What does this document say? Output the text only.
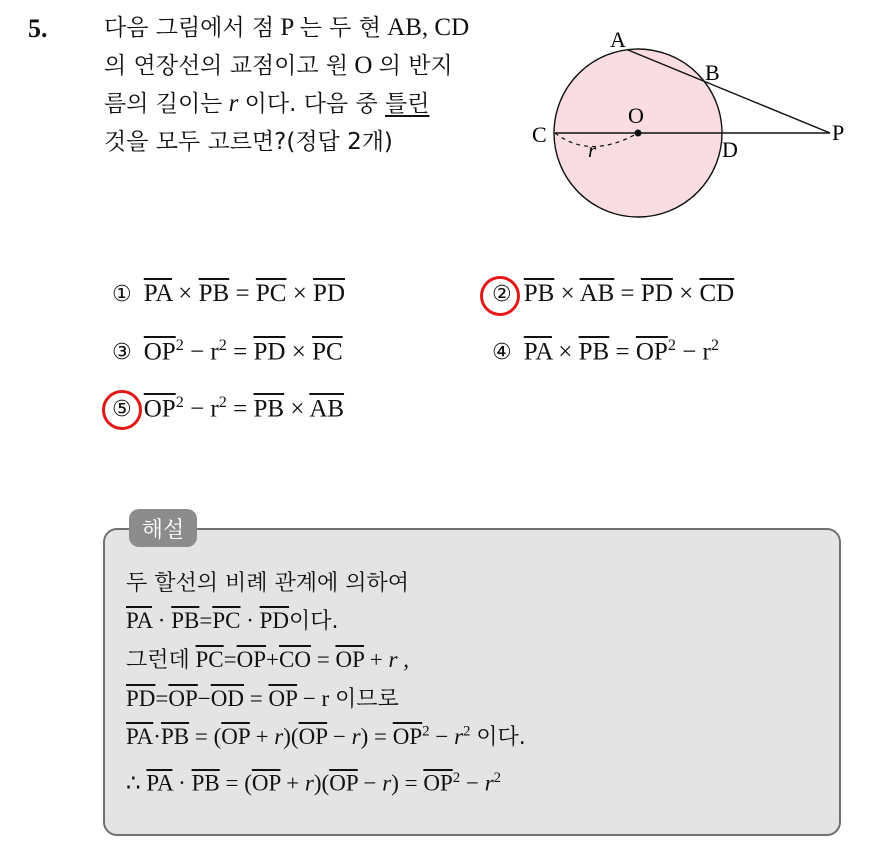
5. 다음 그림에서 점 P 는 두 현 AB, CD
의 연장선의 교점이고 원 O 의 반지
름의 길이는 r 이다. 다음 중 틀린
것을 모두 고르면?(정답 2개)
A
B
C
D
O
P
r
① $\overline{PA} \times \overline{PB} = \overline{PC} \times \overline{PD}$	② $\overline{PB} \times \overline{AB} = \overline{PD} \times \overline{CD}$
③ $\overline{OP}^2 - r^2 = \overline{PD} \times \overline{PC}$	④ $\overline{PA} \times \overline{PB} = \overline{OP}^2 - r^2$
⑤ $\overline{OP}^2 - r^2 = \overline{PB} \times \overline{AB}$
해설
두 할선의 비례 관계에 의하여
$\overline{PA} \cdot \overline{PB}=\overline{PC} \cdot \overline{PD}$이다.
그런데 $\overline{PC}=\overline{OP}+\overline{CO} = \overline{OP} + r$ ,
$\overline{PD}=\overline{OP}-\overline{OD} = \overline{OP} - r$ 이므로
$\overline{PA}\cdot\overline{PB} = (\overline{OP} + r)(\overline{OP} - r) = \overline{OP}^2 - r^2$ 이다.
∴ $\overline{PA} \cdot \overline{PB} = (\overline{OP} + r)(\overline{OP} - r) = \overline{OP}^2 - r^2$
